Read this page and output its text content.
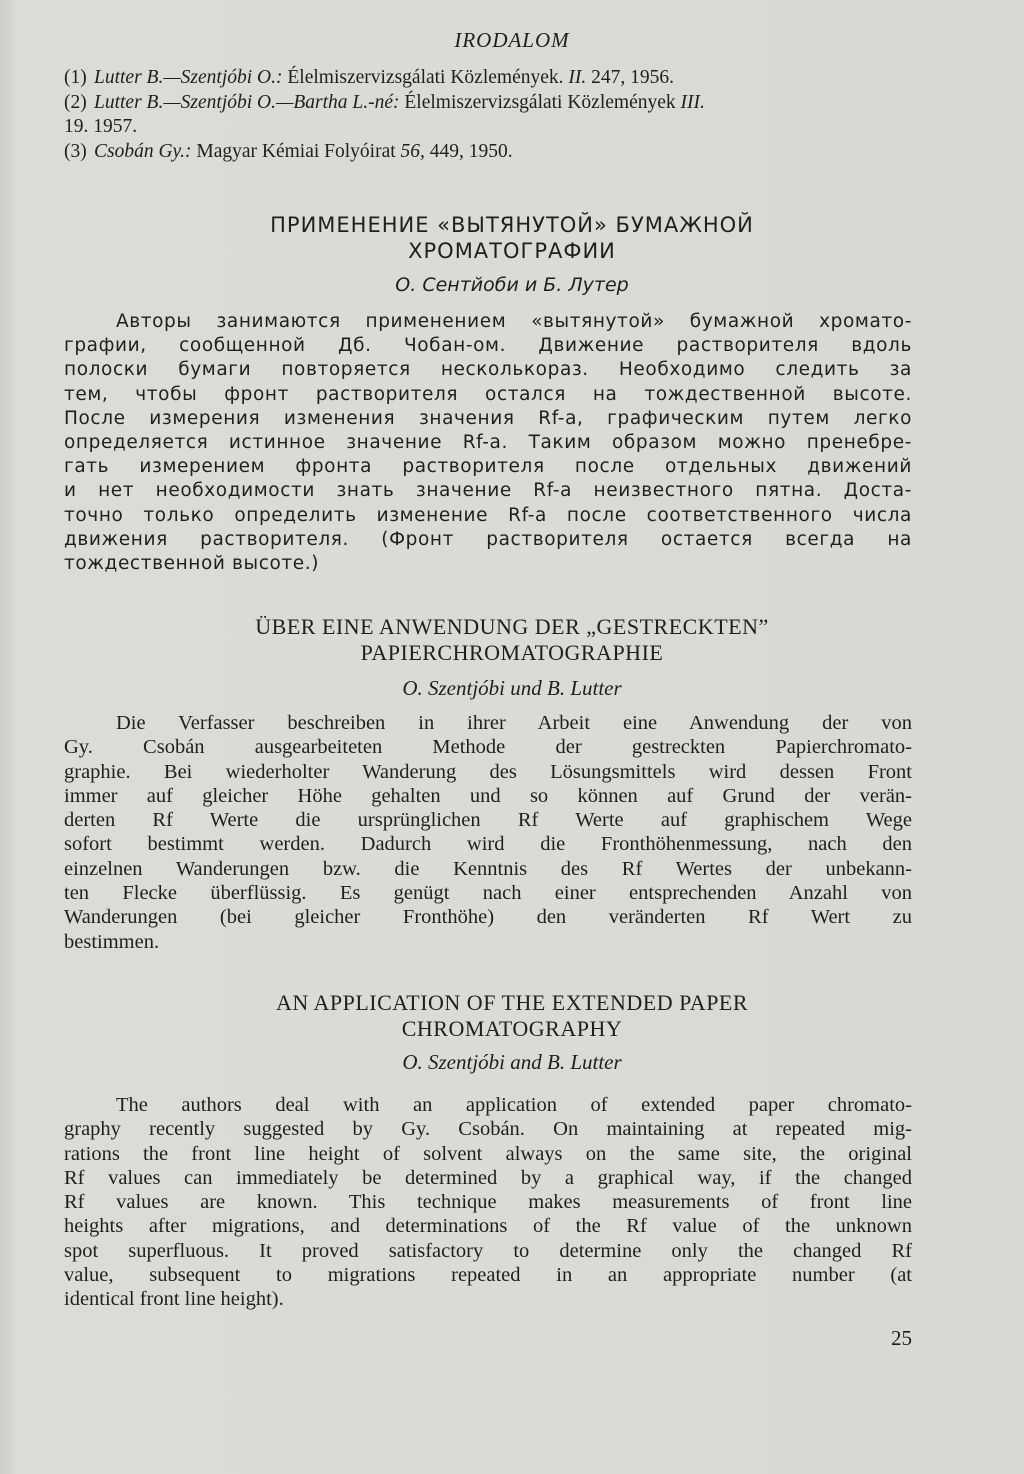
IRODALOM
(1) Lutter B.—Szentjóbi O.: Élelmiszervizsgálati Közlemények. II. 247, 1956.
(2) Lutter B.—Szentjóbi O.—Bartha L.-né: Élelmiszervizsgálati Közlemények III.
19. 1957.
(3) Csobán Gy.: Magyar Kémiai Folyóirat 56, 449, 1950.
ПРИМЕНЕНИЕ «ВЫТЯНУТОЙ» БУМАЖНОЙ
ХРОМАТОГРАФИИ
О. Сентйоби и Б. Лутер
Авторы занимаются применением «вытянутой» бумажной хромато-
графии, сообщенной Дб. Чобан-ом. Движение растворителя вдоль
полоски бумаги повторяется несколькораз. Необходимо следить за
тем, чтобы фронт растворителя остался на тождественной высоте.
После измерения изменения значения Rf-a, графическим путем легко
определяется истинное значение Rf-a. Таким образом можно пренебре-
гать измерением фронта растворителя после отдельных движений
и нет необходимости знать значение Rf-a неизвестного пятна. Доста-
точно только определить изменение Rf-a после соответственного числа
движения растворителя. (Фронт растворителя остается всегда на
тождественной высоте.)
ÜBER EINE ANWENDUNG DER „GESTRECKTEN”
PAPIERCHROMATOGRAPHIE
O. Szentjóbi und B. Lutter
Die Verfasser beschreiben in ihrer Arbeit eine Anwendung der von
Gy. Csobán ausgearbeiteten Methode der gestreckten Papierchromato-
graphie. Bei wiederholter Wanderung des Lösungsmittels wird dessen Front
immer auf gleicher Höhe gehalten und so können auf Grund der verän-
derten Rf Werte die ursprünglichen Rf Werte auf graphischem Wege
sofort bestimmt werden. Dadurch wird die Fronthöhenmessung, nach den
einzelnen Wanderungen bzw. die Kenntnis des Rf Wertes der unbekann-
ten Flecke überflüssig. Es genügt nach einer entsprechenden Anzahl von
Wanderungen (bei gleicher Fronthöhe) den veränderten Rf Wert zu
bestimmen.
AN APPLICATION OF THE EXTENDED PAPER
CHROMATOGRAPHY
O. Szentjóbi and B. Lutter
The authors deal with an application of extended paper chromato-
graphy recently suggested by Gy. Csobán. On maintaining at repeated mig-
rations the front line height of solvent always on the same site, the original
Rf values can immediately be determined by a graphical way, if the changed
Rf values are known. This technique makes measurements of front line
heights after migrations, and determinations of the Rf value of the unknown
spot superfluous. It proved satisfactory to determine only the changed Rf
value, subsequent to migrations repeated in an appropriate number (at
identical front line height).
25
